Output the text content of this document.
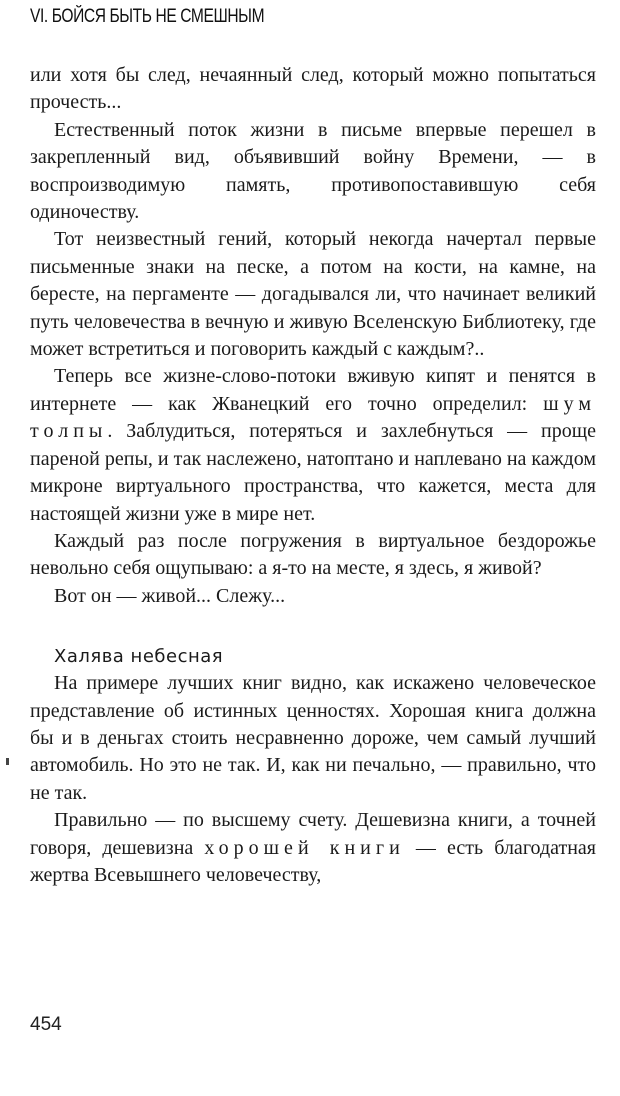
VI. БОЙСЯ БЫТЬ НЕ СМЕШНЫМ

или хотя бы след, нечаянный след, который можно попытаться прочесть...

Естественный поток жизни в письме впервые перешел в закрепленный вид, объявивший войну Времени, — в воспроизводимую память, противопоставившую себя одиночеству.

Тот неизвестный гений, который некогда начертал первые письменные знаки на песке, а потом на кости, на камне, на бересте, на пергаменте — догадывался ли, что начинает великий путь человечества в вечную и живую Вселенскую Библиотеку, где может встретиться и поговорить каждый с каждым?..

Теперь все жизне-слово-потоки вживую кипят и пенятся в интернете — как Жванецкий его точно определил: шум толпы. Заблудиться, потеряться и захлебнуться — проще пареной репы, и так наслежено, натоптано и наплевано на каждом микроне виртуального пространства, что кажется, места для настоящей жизни уже в мире нет.

Каждый раз после погружения в виртуальное бездорожье невольно себя ощупываю: а я-то на месте, я здесь, я живой?

Вот он — живой... Слежу...

Халява небесная

На примере лучших книг видно, как искажено человеческое представление об истинных ценностях. Хорошая книга должна бы и в деньгах стоить несравненно дороже, чем самый лучший автомобиль. Но это не так. И, как ни печально, — правильно, что не так.

Правильно — по высшему счету. Дешевизна книги, а точней говоря, дешевизна хорошей книги — есть благодатная жертва Всевышнего человечеству,

454
